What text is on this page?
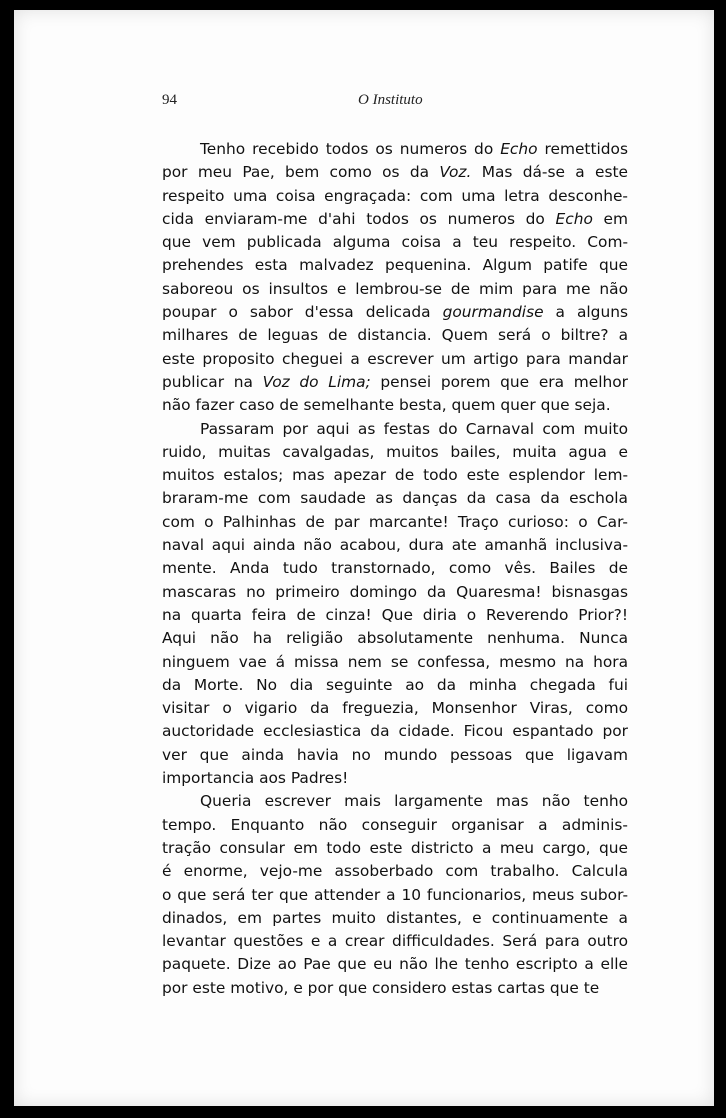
94	O Instituto
Tenho recebido todos os numeros do Echo remettidos
por meu Pae, bem como os da Voz. Mas dá-se a este
respeito uma coisa engraçada: com uma letra desconhe-
cida enviaram-me d'ahi todos os numeros do Echo em
que vem publicada alguma coisa a teu respeito. Com-
prehendes esta malvadez pequenina. Algum patife que
saboreou os insultos e lembrou-se de mim para me não
poupar o sabor d'essa delicada gourmandise a alguns
milhares de leguas de distancia. Quem será o biltre? a
este proposito cheguei a escrever um artigo para mandar
publicar na Voz do Lima; pensei porem que era melhor
não fazer caso de semelhante besta, quem quer que seja.
Passaram por aqui as festas do Carnaval com muito
ruido, muitas cavalgadas, muitos bailes, muita agua e
muitos estalos; mas apezar de todo este esplendor lem-
braram-me com saudade as danças da casa da eschola
com o Palhinhas de par marcante! Traço curioso: o Car-
naval aqui ainda não acabou, dura ate amanhã inclusiva-
mente. Anda tudo transtornado, como vês. Bailes de
mascaras no primeiro domingo da Quaresma! bisnasgas
na quarta feira de cinza! Que diria o Reverendo Prior?!
Aqui não ha religião absolutamente nenhuma. Nunca
ninguem vae á missa nem se confessa, mesmo na hora
da Morte. No dia seguinte ao da minha chegada fui
visitar o vigario da freguezia, Monsenhor Viras, como
auctoridade ecclesiastica da cidade. Ficou espantado por
ver que ainda havia no mundo pessoas que ligavam
importancia aos Padres!
Queria escrever mais largamente mas não tenho
tempo. Enquanto não conseguir organisar a adminis-
tração consular em todo este districto a meu cargo, que
é enorme, vejo-me assoberbado com trabalho. Calcula
o que será ter que attender a 10 funcionarios, meus subor-
dinados, em partes muito distantes, e continuamente a
levantar questões e a crear difficuldades. Será para outro
paquete. Dize ao Pae que eu não lhe tenho escripto a elle
por este motivo, e por que considero estas cartas que te
